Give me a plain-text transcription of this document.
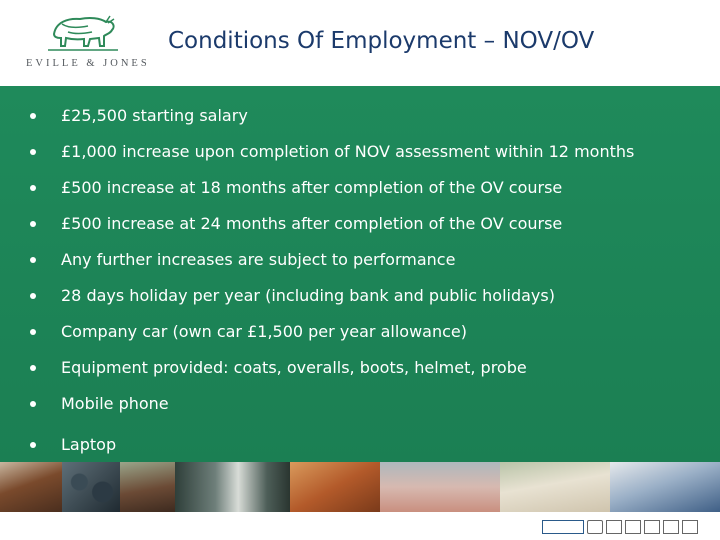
EVILLE & JONES
Conditions Of Employment – NOV/OV
£25,500 starting salary
£1,000 increase upon completion of NOV assessment within 12 months
£500 increase at 18 months after completion of the OV course
£500 increase at 24 months after completion of the OV course
Any further increases are subject to performance
28 days holiday per year (including bank and public holidays)
Company car (own car £1,500 per year allowance)
Equipment provided: coats, overalls, boots, helmet, probe
Mobile phone
Laptop
